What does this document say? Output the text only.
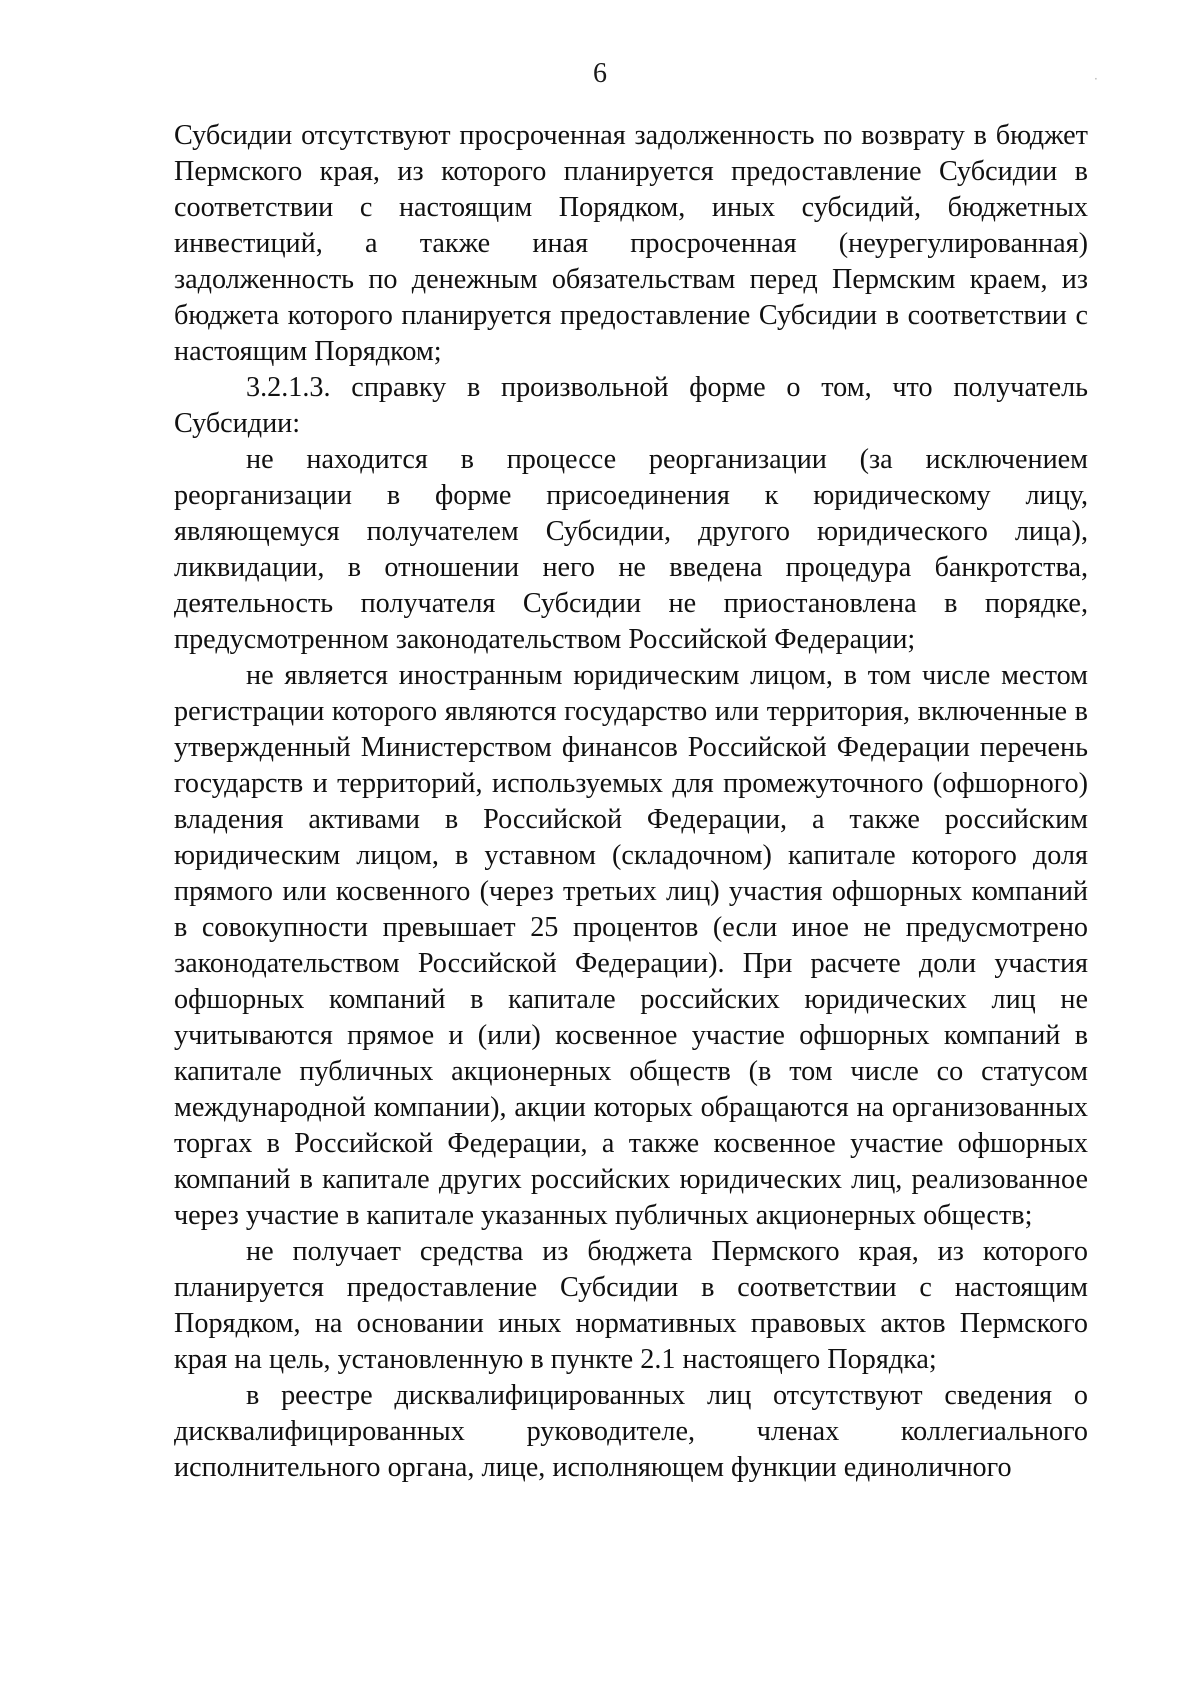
6	·

Субсидии отсутствуют просроченная задолженность по возврату в бюджет Пермского края, из которого планируется предоставление Субсидии в соответствии с настоящим Порядком, иных субсидий, бюджетных инвестиций, а также иная просроченная (неурегулированная) задолженность по денежным обязательствам перед Пермским краем, из бюджета которого планируется предоставление Субсидии в соответствии с настоящим Порядком;

3.2.1.3. справку в произвольной форме о том, что получатель Субсидии:

не находится в процессе реорганизации (за исключением реорганизации в форме присоединения к юридическому лицу, являющемуся получателем Субсидии, другого юридического лица), ликвидации, в отношении него не введена процедура банкротства, деятельность получателя Субсидии не приостановлена в порядке, предусмотренном законодательством Российской Федерации;

не является иностранным юридическим лицом, в том числе местом регистрации которого являются государство или территория, включенные в утвержденный Министерством финансов Российской Федерации перечень государств и территорий, используемых для промежуточного (офшорного) владения активами в Российской Федерации, а также российским юридическим лицом, в уставном (складочном) капитале которого доля прямого или косвенного (через третьих лиц) участия офшорных компаний в совокупности превышает 25 процентов (если иное не предусмотрено законодательством Российской Федерации). При расчете доли участия офшорных компаний в капитале российских юридических лиц не учитываются прямое и (или) косвенное участие офшорных компаний в капитале публичных акционерных обществ (в том числе со статусом международной компании), акции которых обращаются на организованных торгах в Российской Федерации, а также косвенное участие офшорных компаний в капитале других российских юридических лиц, реализованное через участие в капитале указанных публичных акционерных обществ;

не получает средства из бюджета Пермского края, из которого планируется предоставление Субсидии в соответствии с настоящим Порядком, на основании иных нормативных правовых актов Пермского края на цель, установленную в пункте 2.1 настоящего Порядка;

в реестре дисквалифицированных лиц отсутствуют сведения о дисквалифицированных руководителе, членах коллегиального исполнительного органа, лице, исполняющем функции единоличного
